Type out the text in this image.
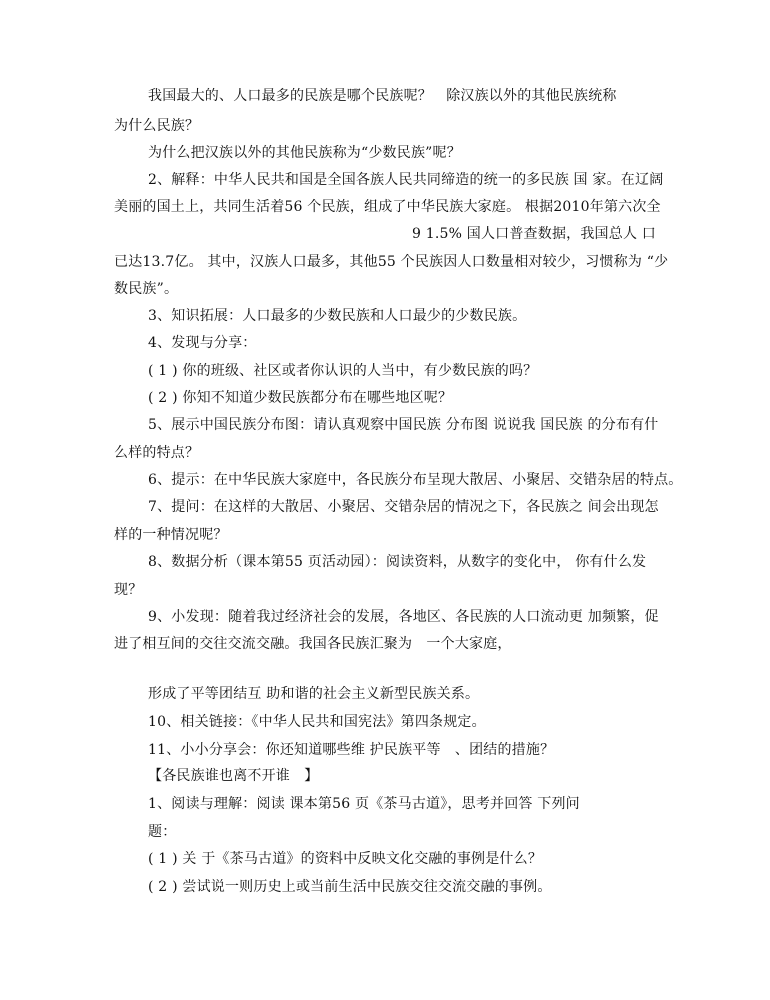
我国最大的、人口最多的民族是哪个民族呢？　除汉族以外的其他民族统称
为什么民族？
为什么把汉族以外的其他民族称为“少数民族”呢？
2、解释：中华人民共和国是全国各族人民共同缔造的统一的多民族 国 家。在辽阔
美丽的国土上，共同生活着56 个民族，组成了中华民族大家庭。 根据2010年第六次全
9 1.5% 国人口普查数据，我国总人 口
已达13.7亿。 其中，汉族人口最多，其他55 个民族因人口数量相对较少，习惯称为 “少
数民族”。
3、知识拓展：人口最多的少数民族和人口最少的少数民族。
4、发现与分享：
( 1 ) 你的班级、社区或者你认识的人当中，有少数民族的吗？
( 2 ) 你知不知道少数民族都分布在哪些地区呢？
5、展示中国民族分布图：请认真观察中国民族 分布图 说说我 国民族 的分布有什
么样的特点？
6、提示：在中华民族大家庭中，各民族分布呈现大散居、小聚居、交错杂居的特点。
7、提问：在这样的大散居、小聚居、交错杂居的情况之下，各民族之 间会出现怎
样的一种情况呢？
8、数据分析（课本第55 页活动园）：阅读资料，从数字的变化中， 你有什么发
现？
9、小发现：随着我过经济社会的发展，各地区、各民族的人口流动更 加频繁，促
进了相互间的交往交流交融。我国各民族汇聚为　一个大家庭，
形成了平等团结互 助和谐的社会主义新型民族关系。
10、相关链接：《中华人民共和国宪法》第四条规定。
11、小小分享会：你还知道哪些维 护民族平等　、团结的措施？
【各民族谁也离不开谁　】
1、阅读与理解：阅读 课本第56 页《茶马古道》，思考并回答 下列问
题：
( 1 ) 关 于《茶马古道》的资料中反映文化交融的事例是什么？
( 2 ) 尝试说一则历史上或当前生活中民族交往交流交融的事例。
